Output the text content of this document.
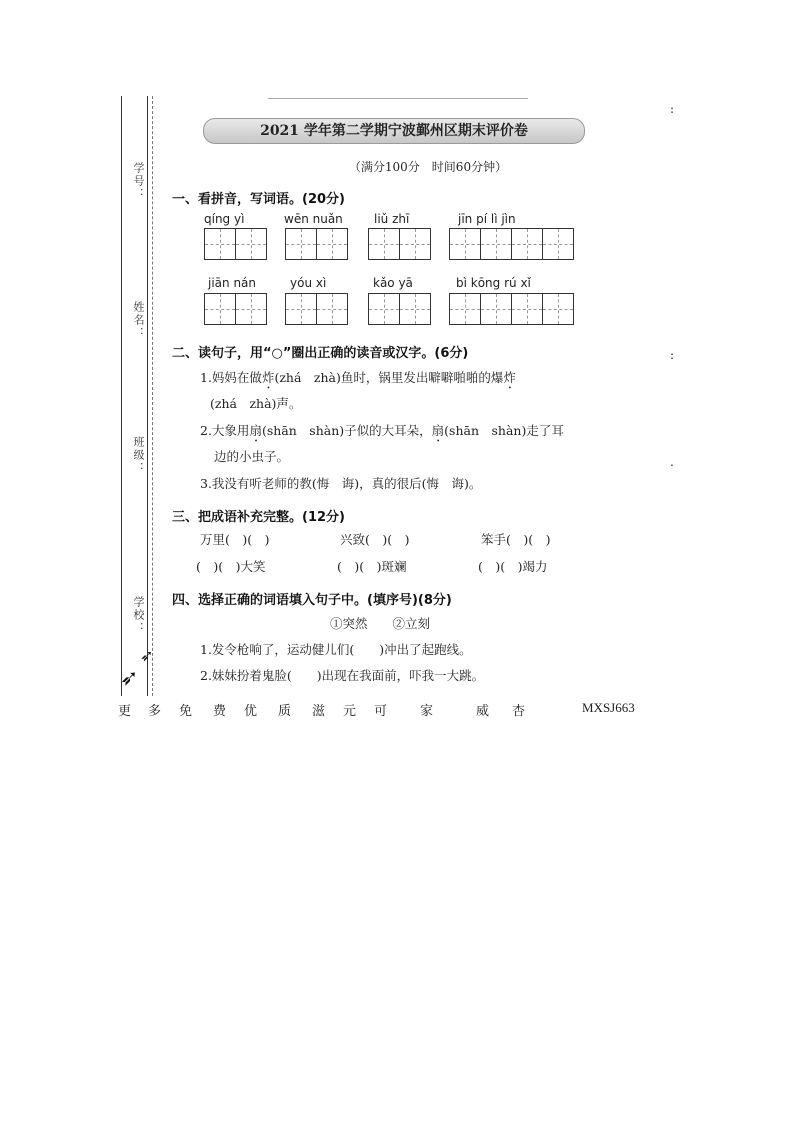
学号：
姓名：
班级：
学校：
➶
➶
2021 学年第二学期宁波鄞州区期末评价卷
（满分100分　时间60分钟）
一、看拼音，写词语。(20分)
qíng yì	wēn nuǎn	liǔ zhī	jīn pí lì jìn
jiān nán	yóu xì	kǎo yā	bì kōng rú xǐ
二、读句子，用“○”圈出正确的读音或汉字。(6分)
1.妈妈在做炸(zhá　zhà)鱼时，锅里发出噼噼啪啪的爆炸
(zhá　zhà)声。
2.大象用扇(shān　shàn)子似的大耳朵，扇(shān　shàn)走了耳
边的小虫子。
3.我没有听老师的教(悔　诲)，真的很后(悔　诲)。
三、把成语补充完整。(12分)
万里(　)(　)	兴致(　)(　)	笨手(　)(　)
(　)(　)大笑	(　)(　)斑斓	(　)(　)竭力
四、选择正确的词语填入句子中。(填序号)(8分)
①突然　　②立刻
1.发令枪响了，运动健儿们(　　)冲出了起跑线。
2.妹妹扮着鬼脸(　　)出现在我面前，吓我一大跳。
:
:
.
更	多	免	费	优	质	滋	元	可	家	威	杏	MXSJ663
